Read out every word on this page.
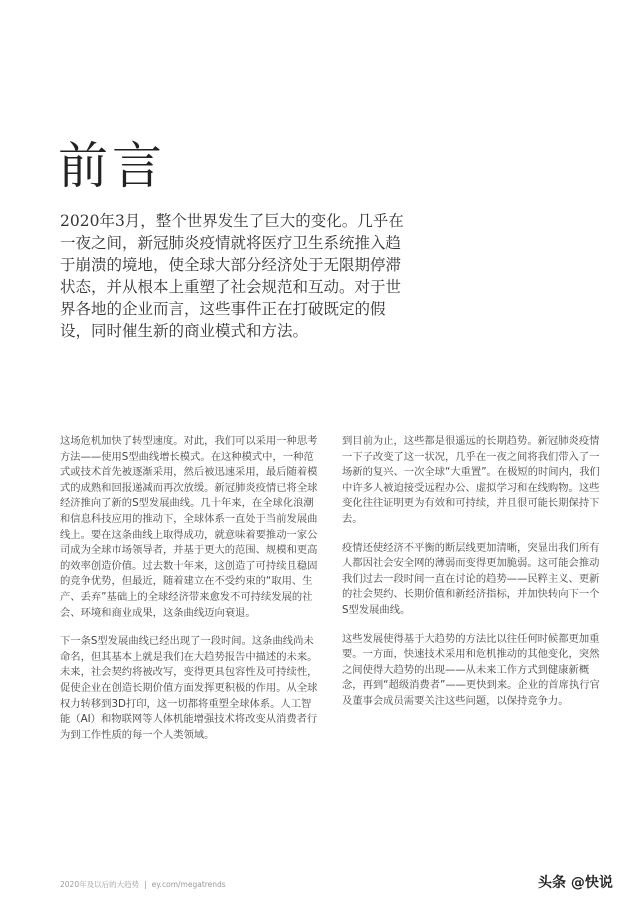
前言

2020年3月，整个世界发生了巨大的变化。几乎在一夜之间，新冠肺炎疫情就将医疗卫生系统推入趋于崩溃的境地，使全球大部分经济处于无限期停滞状态，并从根本上重塑了社会规范和互动。对于世界各地的企业而言，这些事件正在打破既定的假设，同时催生新的商业模式和方法。

这场危机加快了转型速度。对此，我们可以采用一种思考方法——使用S型曲线增长模式。在这种模式中，一种范式或技术首先被逐渐采用，然后被迅速采用，最后随着模式的成熟和回报递减而再次放缓。新冠肺炎疫情已将全球经济推向了新的S型发展曲线。几十年来，在全球化浪潮和信息科技应用的推动下，全球体系一直处于当前发展曲线上。要在这条曲线上取得成功，就意味着要推动一家公司成为全球市场领导者，并基于更大的范围、规模和更高的效率创造价值。过去数十年来，这创造了可持续且稳固的竞争优势，但最近，随着建立在不受约束的“取用、生产、丢弃”基础上的全球经济带来愈发不可持续发展的社会、环境和商业成果，这条曲线迈向衰退。

下一条S型发展曲线已经出现了一段时间。这条曲线尚未命名，但其基本上就是我们在大趋势报告中描述的未来。未来，社会契约将被改写，变得更具包容性及可持续性，促使企业在创造长期价值方面发挥更积极的作用。从全球权力转移到3D打印，这一切都将重塑全球体系。人工智能（AI）和物联网等人体机能增强技术将改变从消费者行为到工作性质的每一个人类领域。

到目前为止，这些都是很遥远的长期趋势。新冠肺炎疫情一下子改变了这一状况，几乎在一夜之间将我们带入了一场新的复兴、一次全球“大重置”。在极短的时间内，我们中许多人被迫接受远程办公、虚拟学习和在线购物。这些变化往往证明更为有效和可持续，并且很可能长期保持下去。

疫情还使经济不平衡的断层线更加清晰，突显出我们所有人都因社会安全网的薄弱而变得更加脆弱。这可能会推动我们过去一段时间一直在讨论的趋势——民粹主义、更新的社会契约、长期价值和新经济指标，并加快转向下一个S型发展曲线。

这些发展使得基于大趋势的方法比以往任何时候都更加重要。一方面，快速技术采用和危机推动的其他变化，突然之间使得大趋势的出现——从未来工作方式到健康新概念，再到“超级消费者”——更快到来。企业的首席执行官及董事会成员需要关注这些问题，以保持竞争力。

2020年及以后的大趋势 | ey.com/megatrends	头条 @快说
